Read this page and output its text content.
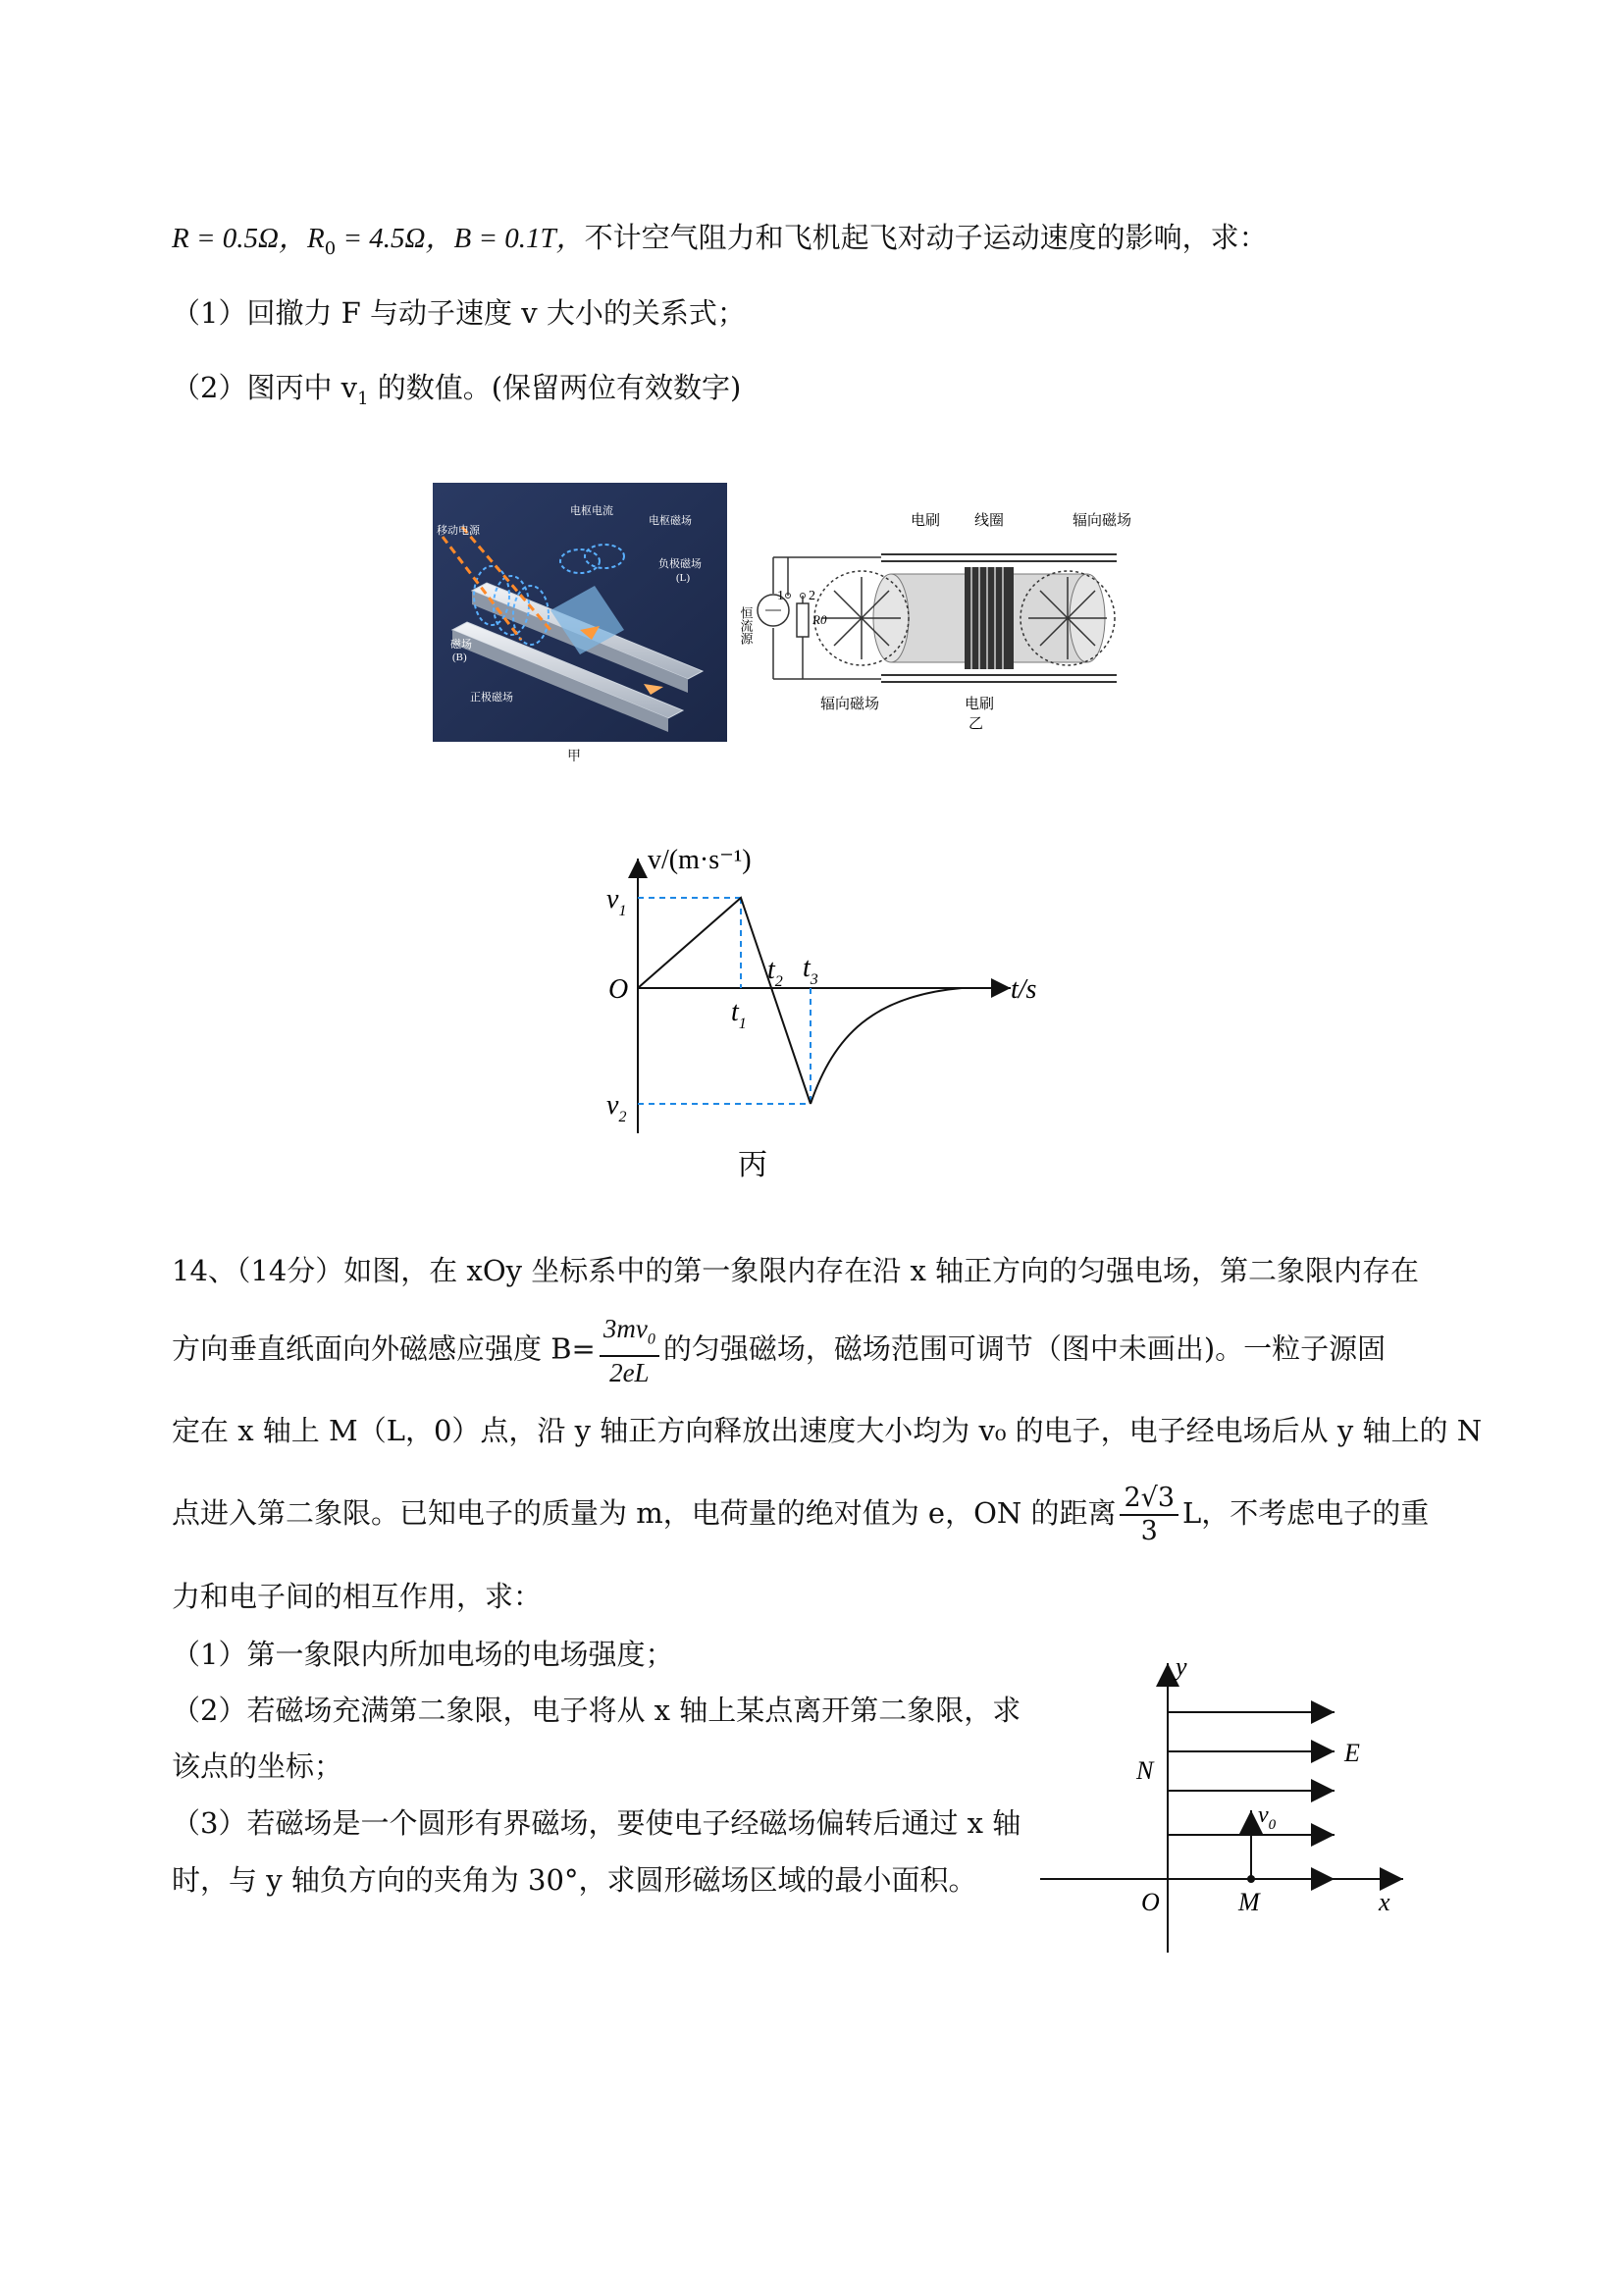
R = 0.5Ω，$R_0 = 4.5\Omega$，B = 0.1T，不计空气阻力和飞机起飞对动子运动速度的影响，求：
（1）回撤力 F 与动子速度 v 大小的关系式；
（2）图丙中 $v_1$ 的数值。(保留两位有效数字)
移动电源
电枢电流
电枢磁场
负极磁场
(L)
磁场
(B)
正极磁场
甲
电刷 线圈	辐向磁场
1 2
恒流源	R0
辐向磁场	电刷
乙
v/(m·s⁻¹)
t/s
O
$v_1$
$v_2$
$t_1$
$t_2$ $t_3$
丙
14、（14分）如图，在 xOy 坐标系中的第一象限内存在沿 x 轴正方向的匀强电场，第二象限内存在
方向垂直纸面向外磁感应强度 $B= \frac{3mv_0}{2eL}$ 的匀强磁场，磁场范围可调节（图中未画出)。一粒子源固
定在 x 轴上 M（L，0）点，沿 y 轴正方向释放出速度大小均为 v₀ 的电子，电子经电场后从 y 轴上的 N
点进入第二象限。已知电子的质量为 m，电荷量的绝对值为 e，ON 的距离 $\frac{2√3}{3}$ L，不考虑电子的重
力和电子间的相互作用，求：
（1）第一象限内所加电场的电场强度；
（2）若磁场充满第二象限，电子将从 x 轴上某点离开第二象限，求
该点的坐标；
（3）若磁场是一个圆形有界磁场，要使电子经磁场偏转后通过 x 轴
时，与 y 轴负方向的夹角为 30°，求圆形磁场区域的最小面积。
y
x
O	M
N
E
$v_0$
